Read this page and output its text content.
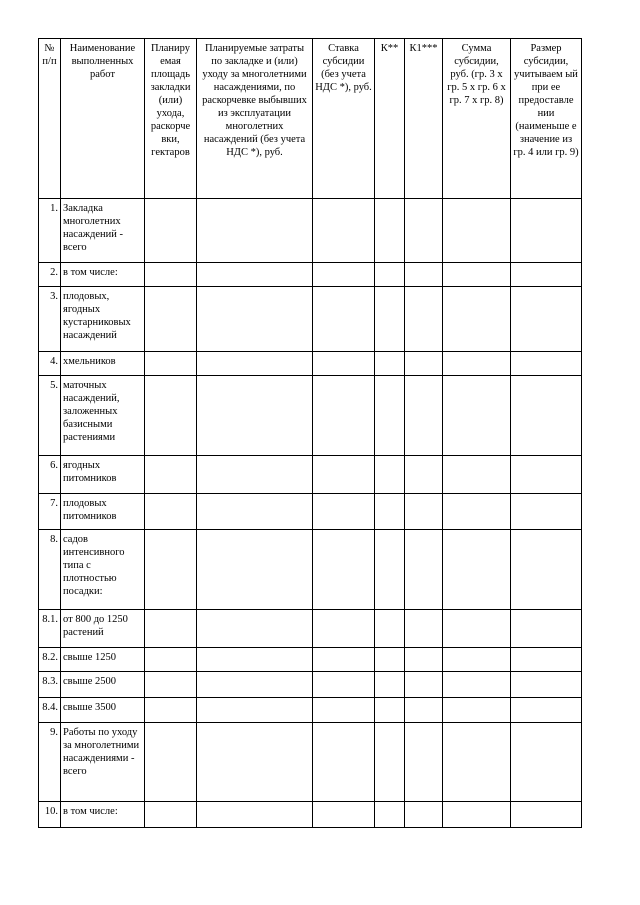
№ п/п	Наименование выполненных работ	Планиру емая площадь закладки (или) ухода, раскорче вки, гектаров	Планируемые затраты по закладке и (или) уходу за многолетними насаждениями, по раскорчевке выбывших из эксплуатации многолетних насаждений (без учета НДС *), руб.	Ставка субсидии (без учета НДС *), руб.	К**	К1***	Сумма субсидии, руб. (гр. 3 x гр. 5 x гр. 6 x гр. 7 x гр. 8)	Размер субсидии, учитываем ый при ее предоставле нии (наименьше е значение из гр. 4 или гр. 9)
1.	Закладка многолетних насаждений - всего							
2.	в том числе:							
3.	плодовых, ягодных кустарниковых насаждений							
4.	хмельников							
5.	маточных насаждений, заложенных базисными растениями							
6.	ягодных питомников							
7.	плодовых питомников							
8.	садов интенсивного типа с плотностью посадки:							
8.1.	от 800 до 1250 растений							
8.2.	свыше 1250							
8.3.	свыше 2500							
8.4.	свыше 3500							
9.	Работы по уходу за многолетними насаждениями - всего							
10.	в том числе:							
